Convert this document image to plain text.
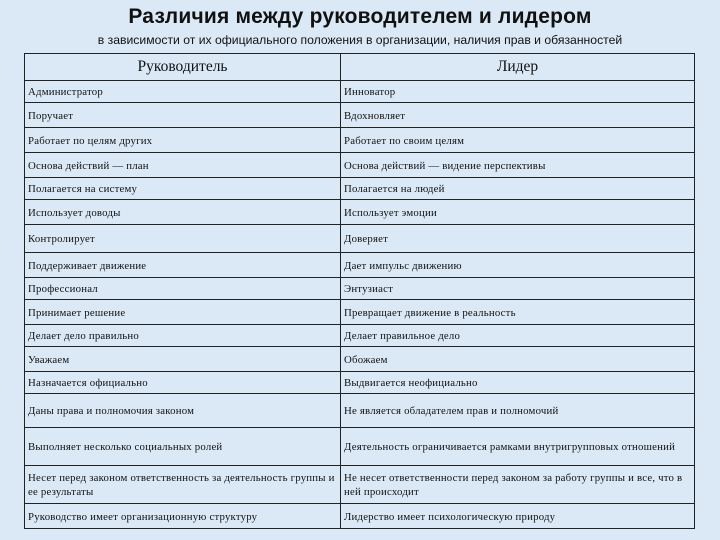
Различия между руководителем и лидером
в зависимости от их официального положения в организации, наличия прав и обязанностей
Руководитель	Лидер
Администратор	Инноватор
Поручает	Вдохновляет
Работает по целям других	Работает по своим целям
Основа действий — план	Основа действий — видение перспективы
Полагается на систему	Полагается на людей
Использует доводы	Использует эмоции
Контролирует	Доверяет
Поддерживает движение	Дает импульс движению
Профессионал	Энтузиаст
Принимает решение	Превращает движение в реальность
Делает дело правильно	Делает правильное дело
Уважаем	Обожаем
Назначается официально	Выдвигается неофициально
Даны права и полномочия законом	Не является обладателем прав и полномочий
Выполняет несколько социальных ролей	Деятельность ограничивается рамками внутригрупповых отношений
Несет перед законом ответственность за деятельность группы и ее результаты	Не несет ответственности перед законом за работу группы и все, что в ней происходит
Руководство имеет организационную структуру	Лидерство имеет психологическую природу
